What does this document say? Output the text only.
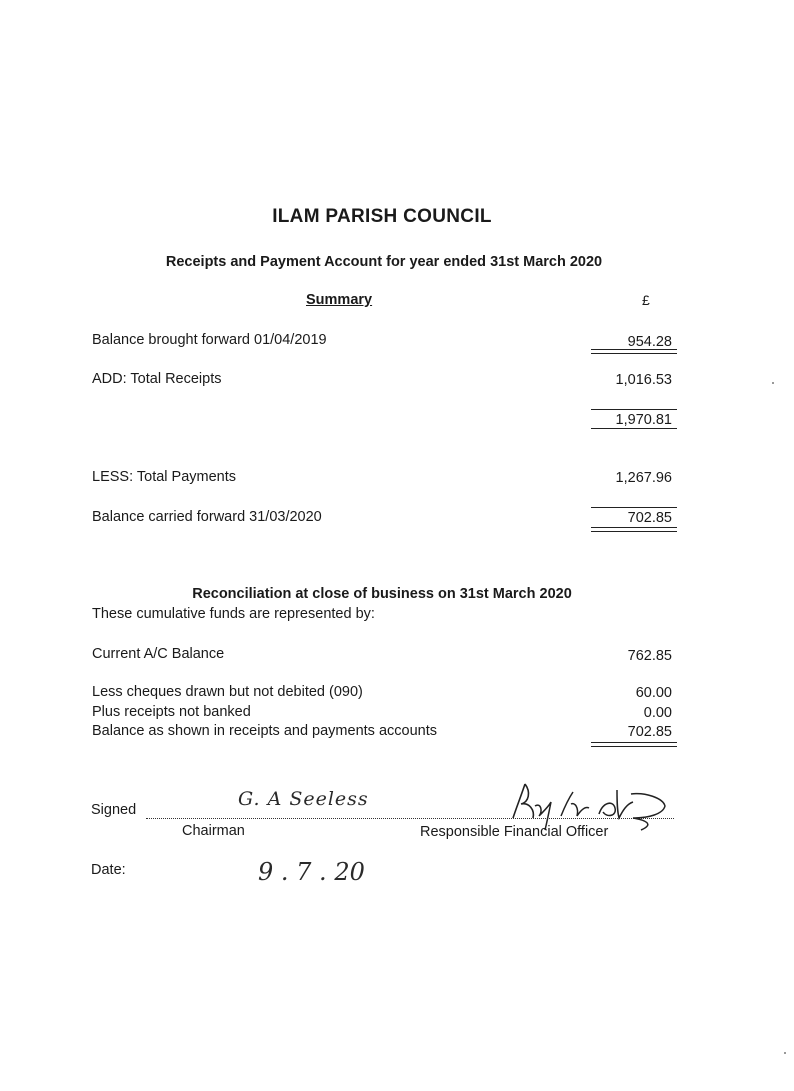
ILAM PARISH COUNCIL
Receipts and Payment Account for year ended 31st March 2020
Summary	£
Balance brought forward 01/04/2019	954.28
ADD: Total Receipts	1,016.53
1,970.81
LESS: Total Payments	1,267.96
Balance carried forward 31/03/2020	702.85
Reconciliation at close of business on 31st March 2020
These cumulative funds are represented by:
Current A/C Balance	762.85
Less cheques drawn but not debited (090)	60.00
Plus receipts not banked	0.00
Balance as shown in receipts and payments accounts	702.85
Signed	G. A Seeless
Chairman	Responsible Financial Officer
Date:	9 . 7 . 20
